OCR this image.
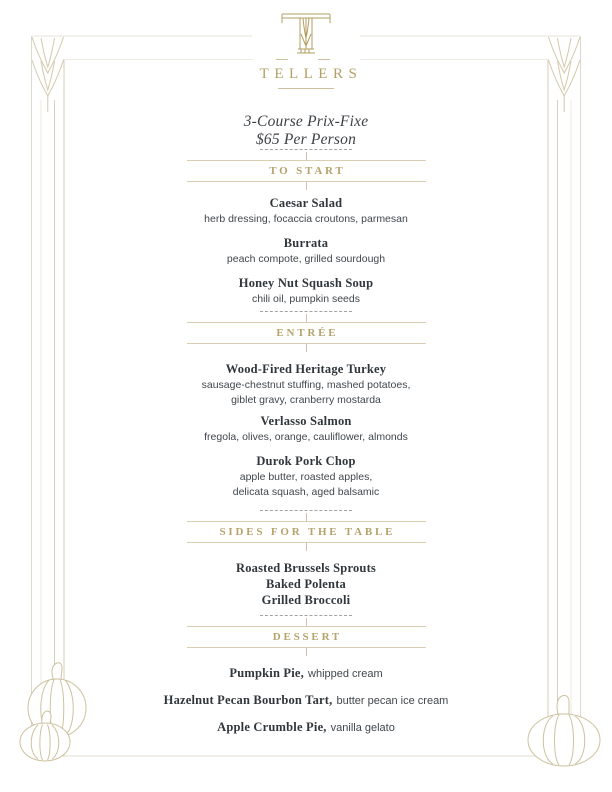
TELLERS
3-Course Prix-Fixe
$65 Per Person
TO START
Caesar Salad
herb dressing, focaccia croutons, parmesan
Burrata
peach compote, grilled sourdough
Honey Nut Squash Soup
chili oil, pumpkin seeds
ENTRÉE
Wood-Fired Heritage Turkey
sausage-chestnut stuffing, mashed potatoes,
giblet gravy, cranberry mostarda
Verlasso Salmon
fregola, olives, orange, cauliflower, almonds
Durok Pork Chop
apple butter, roasted apples,
delicata squash, aged balsamic
SIDES FOR THE TABLE
Roasted Brussels Sprouts
Baked Polenta
Grilled Broccoli
DESSERT
Pumpkin Pie, whipped cream
Hazelnut Pecan Bourbon Tart, butter pecan ice cream
Apple Crumble Pie, vanilla gelato
